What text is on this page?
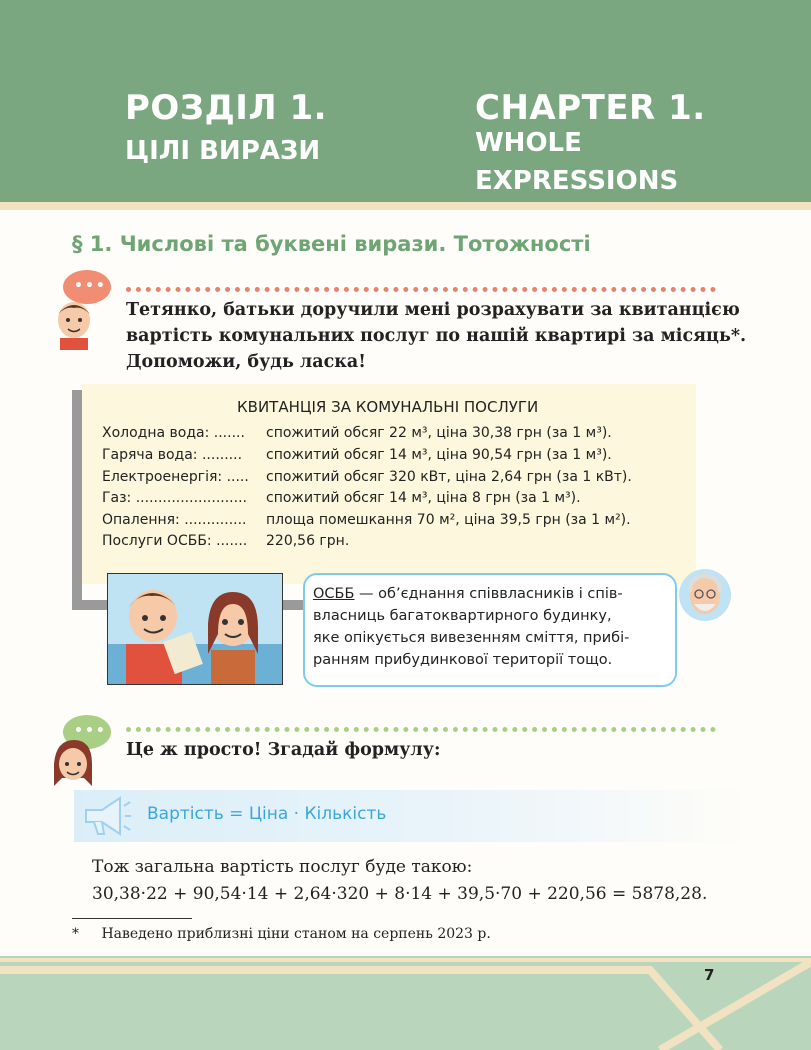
РОЗДІЛ 1.
ЦІЛІ ВИРАЗИ
CHAPTER 1.
WHOLE
EXPRESSIONS
§ 1. Числові та буквені вирази. Тотожності
•••
Тетянко, батьки доручили мені розрахувати за квитанцією
вартість комунальних послуг по нашій квартирі за місяць*.
Допоможи, будь ласка!
КВИТАНЦІЯ ЗА КОМУНАЛЬНІ ПОСЛУГИ
Холодна вода: ....... спожитий обсяг 22 м³, ціна 30,38 грн (за 1 м³).
Гаряча вода: ......... спожитий обсяг 14 м³, ціна 90,54 грн (за 1 м³).
Електроенергія: ..... спожитий обсяг 320 кВт, ціна 2,64 грн (за 1 кВт).
Газ: ......................... спожитий обсяг 14 м³, ціна 8 грн (за 1 м³).
Опалення: .............. площа помешкання 70 м², ціна 39,5 грн (за 1 м²).
Послуги ОСББ: ....... 220,56 грн.
ОСББ — об’єднання співвласників і спів-
власниць багатоквартирного будинку,
яке опікується вивезенням сміття, прибі-
ранням прибудинкової території тощо.
•••
Це ж просто! Згадай формулу:
Вартість = Ціна · Кількість
Тож загальна вартість послуг буде такою:
30,38·22 + 90,54·14 + 2,64·320 + 8·14 + 39,5·70 + 220,56 = 5878,28.
* Наведено приблизні ціни станом на серпень 2023 р.
7
